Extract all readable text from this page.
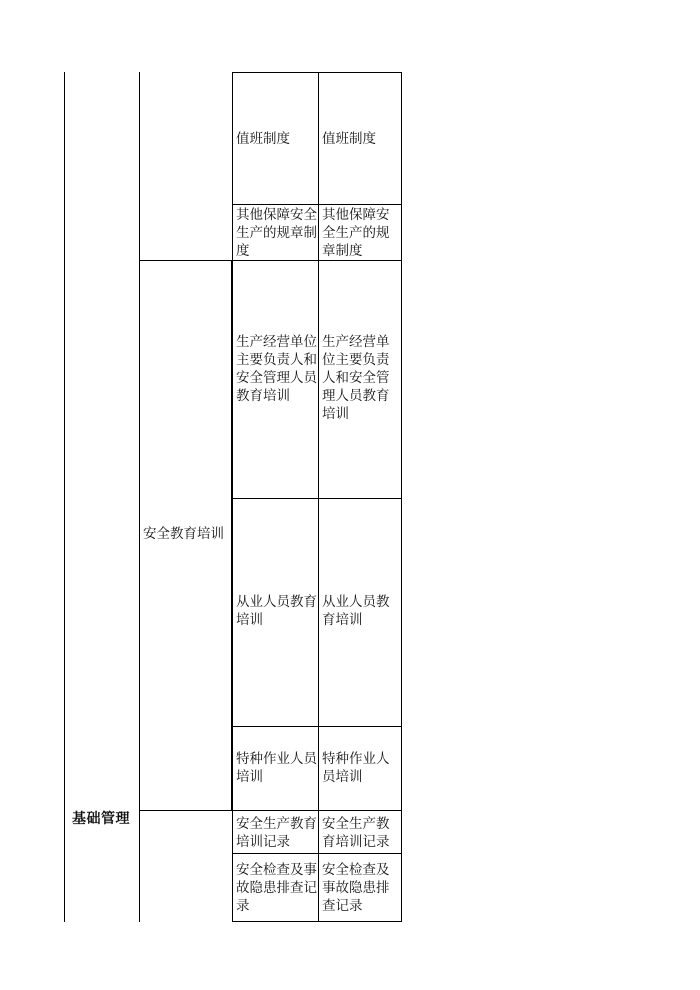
基础管理
安全教育培训
值班制度	值班制度
其他保障安全生产的规章制度
其他保障安全生产的规章制度
生产经营单位主要负责人和安全管理人员教育培训
生产经营单位主要负责人和安全管理人员教育培训
从业人员教育培训
从业人员教育培训
特种作业人员培训
特种作业人员培训
安全生产教育培训记录
安全生产教育培训记录
安全检查及事故隐患排查记录
安全检查及事故隐患排查记录
